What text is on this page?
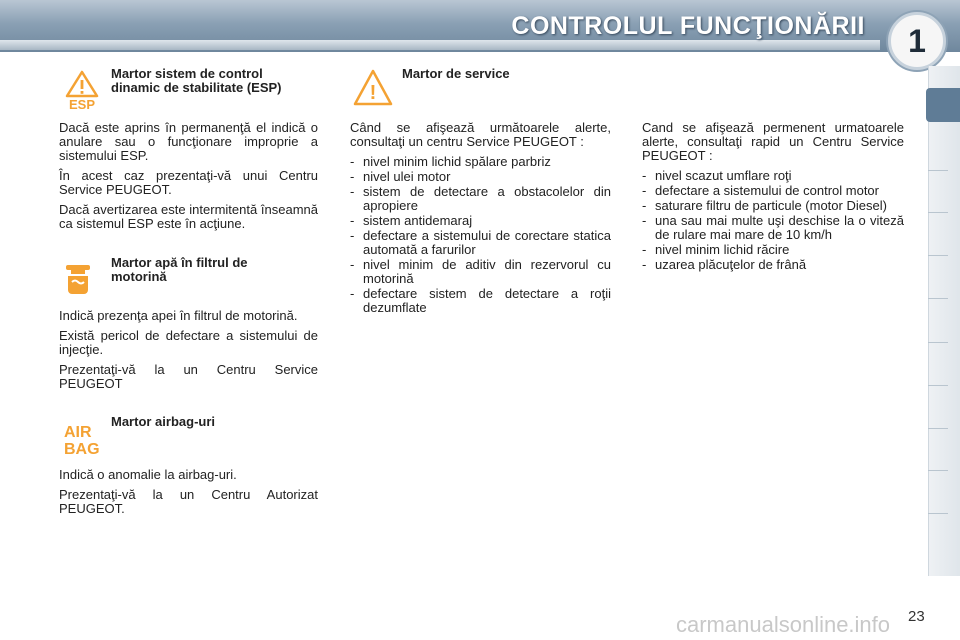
CONTROLUL FUNCŢIONĂRII	1
ESP
Martor sistem de control
dinamic de stabilitate (ESP)

Dacă este aprins în permanenţă el indică o anulare sau o funcţionare improprie a sistemului ESP.

În acest caz prezentaţi-vă unui Centru Service PEUGEOT.

Dacă avertizarea este intermitentă înseamnă ca sistemul ESP este în acţiune.

Martor apă în filtrul de
motorină

Indică prezenţa apei în filtrul de motorină.

Există pericol de defectare a sistemului de injecţie.

Prezentaţi-vă la un Centru Service PEUGEOT

AIR
BAG
Martor airbag-uri

Indică o anomalie la airbag-uri.

Prezentaţi-vă la un Centru Autorizat PEUGEOT.

!
Martor de service

Când se afişează următoarele alerte, consultaţi un centru Service PEUGEOT :

- nivel minim lichid spălare parbriz
- nivel ulei motor
- sistem de detectare a obstacolelor din apropiere
- sistem antidemaraj
- defectare a sistemului de corectare statica automată a farurilor
- nivel minim de aditiv din rezervorul cu motorină
- defectare sistem de detectare a roţii dezumflate

Cand se afişează permenent urmatoarele alerte, consultaţi rapid un Centru Service PEUGEOT :

- nivel scazut umflare roţi
- defectare a sistemului de control motor
- saturare filtru de particule (motor Diesel)
- una sau mai multe uşi deschise la o viteză de rulare mai mare de 10 km/h
- nivel minim lichid răcire
- uzarea plăcuţelor de frână
carmanualsonline.info 23
